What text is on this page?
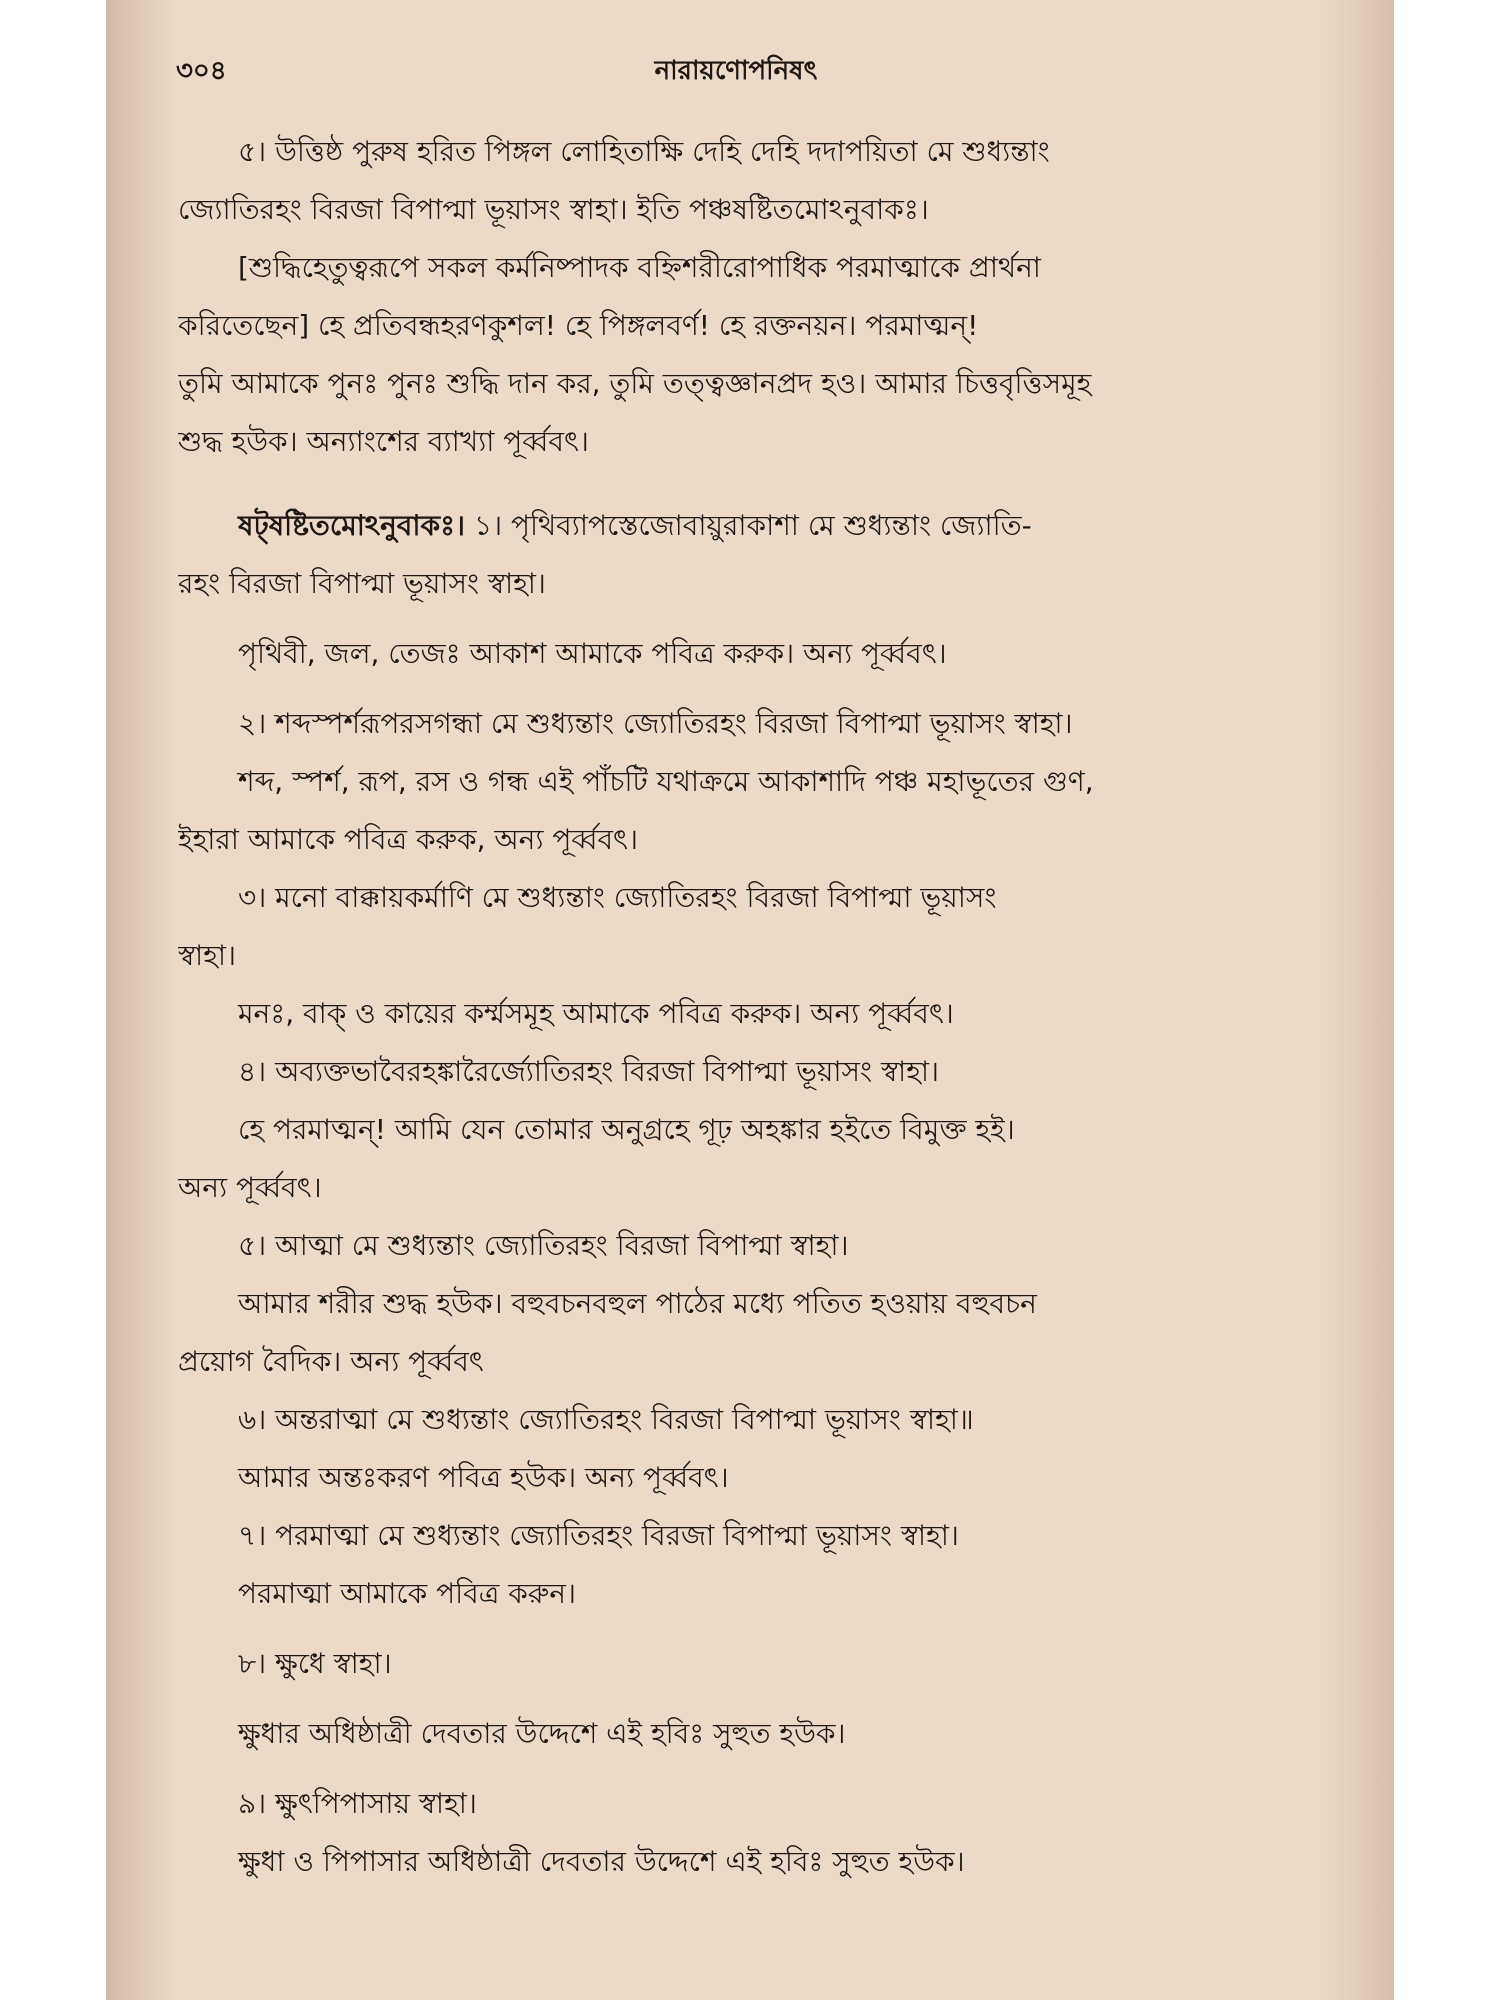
৩০৪	নারায়ণোপনিষৎ
৫। উত্তিষ্ঠ পুরুষ হরিত পিঙ্গল লোহিতাক্ষি দেহি দেহি দদাপয়িতা মে শুধ্যন্তাং
জ্যোতিরহং বিরজা বিপাপ্মা ভূয়াসং স্বাহা। ইতি পঞ্চষষ্টিতমোঽনুবাকঃ।
[শুদ্ধিহেতুত্বরূপে সকল কর্মনিষ্পাদক বহ্নিশরীরোপাধিক পরমাত্মাকে প্রার্থনা
করিতেছেন] হে প্রতিবন্ধহরণকুশল! হে পিঙ্গলবর্ণ! হে রক্তনয়ন। পরমাত্মন্!
তুমি আমাকে পুনঃ পুনঃ শুদ্ধি দান কর, তুমি তত্ত্বজ্ঞানপ্রদ হও। আমার চিত্তবৃত্তিসমূহ
শুদ্ধ হউক। অন্যাংশের ব্যাখ্যা পূর্ব্ববৎ।
ষট্‌ষষ্টিতমোঽনুবাকঃ। ১। পৃথিব্যাপস্তেজোবায়ুরাকাশা মে শুধ্যন্তাং জ্যোতি-
রহং বিরজা বিপাপ্মা ভূয়াসং স্বাহা।
পৃথিবী, জল, তেজঃ আকাশ আমাকে পবিত্র করুক। অন্য পূর্ব্ববৎ।
২। শব্দস্পর্শরূপরসগন্ধা মে শুধ্যন্তাং জ্যোতিরহং বিরজা বিপাপ্মা ভূয়াসং স্বাহা।
শব্দ, স্পর্শ, রূপ, রস ও গন্ধ এই পাঁচটি যথাক্রমে আকাশাদি পঞ্চ মহাভূতের গুণ,
ইহারা আমাকে পবিত্র করুক, অন্য পূর্ব্ববৎ।
৩। মনো বাক্কায়কর্মাণি মে শুধ্যন্তাং জ্যোতিরহং বিরজা বিপাপ্মা ভূয়াসং
স্বাহা।
মনঃ, বাক্ ও কায়ের কর্ম্মসমূহ আমাকে পবিত্র করুক। অন্য পূর্ব্ববৎ।
৪। অব্যক্তভাবৈরহঙ্কারৈর্জ্যোতিরহং বিরজা বিপাপ্মা ভূয়াসং স্বাহা।
হে পরমাত্মন্! আমি যেন তোমার অনুগ্রহে গূঢ় অহঙ্কার হইতে বিমুক্ত হই।
অন্য পূর্ব্ববৎ।
৫। আত্মা মে শুধ্যন্তাং জ্যোতিরহং বিরজা বিপাপ্মা স্বাহা।
আমার শরীর শুদ্ধ হউক। বহুবচনবহুল পাঠের মধ্যে পতিত হওয়ায় বহুবচন
প্রয়োগ বৈদিক। অন্য পূর্ব্ববৎ
৬। অন্তরাত্মা মে শুধ্যন্তাং জ্যোতিরহং বিরজা বিপাপ্মা ভূয়াসং স্বাহা॥
আমার অন্তঃকরণ পবিত্র হউক। অন্য পূর্ব্ববৎ।
৭। পরমাত্মা মে শুধ্যন্তাং জ্যোতিরহং বিরজা বিপাপ্মা ভূয়াসং স্বাহা।
পরমাত্মা আমাকে পবিত্র করুন।
৮। ক্ষুধে স্বাহা।
ক্ষুধার অধিষ্ঠাত্রী দেবতার উদ্দেশে এই হবিঃ সুহুত হউক।
৯। ক্ষুৎপিপাসায় স্বাহা।
ক্ষুধা ও পিপাসার অধিষ্ঠাত্রী দেবতার উদ্দেশে এই হবিঃ সুহুত হউক।
